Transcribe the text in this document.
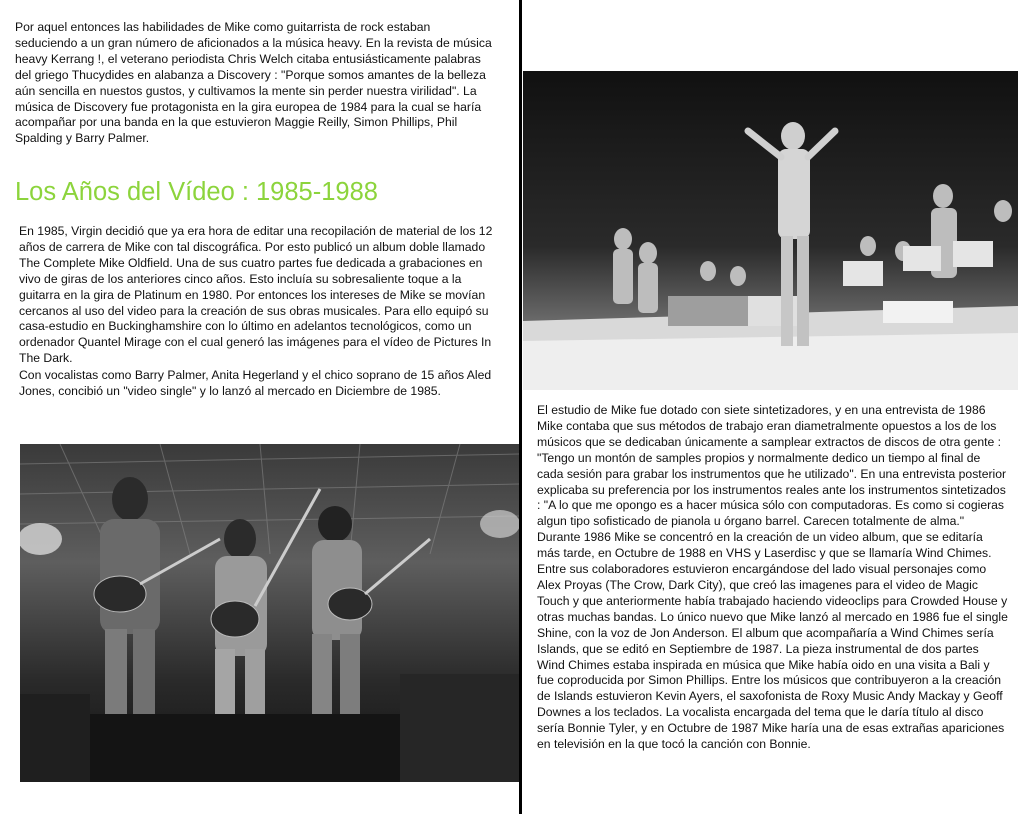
Por aquel entonces las habilidades de Mike como guitarrista de rock estaban seduciendo a un gran número de aficionados a la música heavy. En la revista de música heavy Kerrang !, el veterano periodista Chris Welch citaba entusiásticamente palabras del griego Thucydides en alabanza a Discovery : "Porque somos amantes de la belleza aún sencilla en nuestos gustos, y cultivamos la mente sin perder nuestra virilidad". La música de Discovery fue protagonista en la gira europea de 1984 para la cual se haría acompañar por una banda en la que estuvieron Maggie Reilly, Simon Phillips, Phil Spalding y Barry Palmer.
Los Años del Vídeo : 1985-1988
En 1985, Virgin decidió que ya era hora de editar una recopilación de material de los 12 años de carrera de Mike con tal discográfica. Por esto publicó un album doble llamado The Complete Mike Oldfield. Una de sus cuatro partes fue dedicada a grabaciones en vivo de giras de los anteriores cinco años. Esto incluía su sobresaliente toque a la guitarra en la gira de Platinum en 1980. Por entonces los intereses de Mike se movían cercanos al uso del video para la creación de sus obras musicales. Para ello equipó su casa-estudio en Buckinghamshire con lo último en adelantos tecnológicos, como un ordenador Quantel Mirage con el cual generó las imágenes para el vídeo de Pictures In The Dark.
Con vocalistas como Barry Palmer, Anita Hegerland y el chico soprano de 15 años Aled Jones, concibió un "video single" y lo lanzó al mercado en Diciembre de 1985.
El estudio de Mike fue dotado con siete sintetizadores, y en una entrevista de 1986 Mike contaba que sus métodos de trabajo eran diametralmente opuestos a los de los músicos que se dedicaban únicamente a samplear extractos de discos de otra gente : "Tengo un montón de samples propios y normalmente dedico un tiempo al final de cada sesión para grabar los instrumentos que he utilizado". En una entrevista posterior explicaba su preferencia por los instrumentos reales ante los instrumentos sintetizados : "A lo que me opongo es a hacer música sólo con computadoras. Es como si cogieras algun tipo sofisticado de pianola u órgano barrel. Carecen totalmente de alma." Durante 1986 Mike se concentró en la creación de un video album, que se editaría más tarde, en Octubre de 1988 en VHS y Laserdisc y que se llamaría Wind Chimes. Entre sus colaboradores estuvieron encargándose del lado visual personajes como Alex Proyas (The Crow, Dark City), que creó las imagenes para el video de Magic Touch y que anteriormente había trabajado haciendo videoclips para Crowded House y otras muchas bandas. Lo único nuevo que Mike lanzó al mercado en 1986 fue el single Shine, con la voz de Jon Anderson. El album que acompañaría a Wind Chimes sería Islands, que se editó en Septiembre de 1987. La pieza instrumental de dos partes Wind Chimes estaba inspirada en música que Mike había oido en una visita a Bali y fue coproducida por Simon Phillips. Entre los músicos que contribuyeron a la creación de Islands estuvieron Kevin Ayers, el saxofonista de Roxy Music Andy Mackay y Geoff Downes a los teclados. La vocalista encargada del tema que le daría título al disco sería Bonnie Tyler, y en Octubre de 1987 Mike haría una de esas extrañas apariciones en televisión en la que tocó la canción con Bonnie.
